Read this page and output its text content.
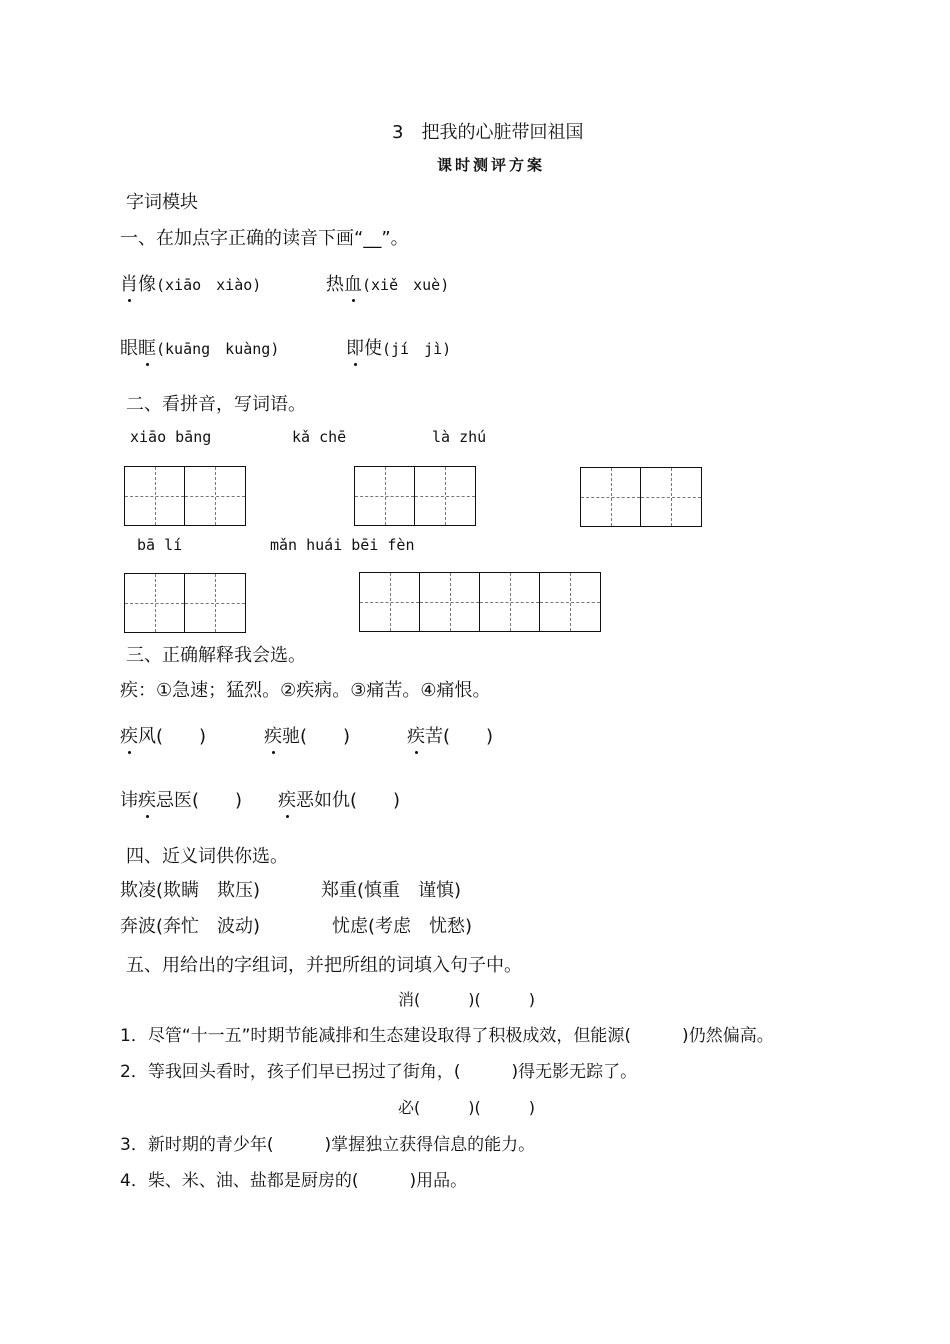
3　把我的心脏带回祖国
课时测评方案
字词模块
一、在加点字正确的读音下画“__”。
肖像(xiāo　xiào)	热血(xiě　xuè)
眼眶(kuāng　kuàng)	即使(jí　jì)
二、看拼音，写词语。
xiāo bāng	kǎ chē	là zhú
bā lí	mǎn huái bēi fèn
三、正确解释我会选。
疾：①急速；猛烈。②疾病。③痛苦。④痛恨。
疾风(　　)	疾驰(　　)	疾苦(　　)
讳疾忌医(　　) 疾恶如仇(　　)
四、近义词供你选。
欺凌(欺瞒　欺压)	郑重(慎重　谨慎)
奔波(奔忙　波动)	忧虑(考虑　忧愁)
五、用给出的字组词，并把所组的词填入句子中。
消(　　　)(　　　)
1．尽管“十一五”时期节能减排和生态建设取得了积极成效，但能源(　　　)仍然偏高。
2．等我回头看时，孩子们早已拐过了街角，(　　　)得无影无踪了。
必(　　　)(　　　)
3．新时期的青少年(　　　)掌握独立获得信息的能力。
4．柴、米、油、盐都是厨房的(　　　)用品。
